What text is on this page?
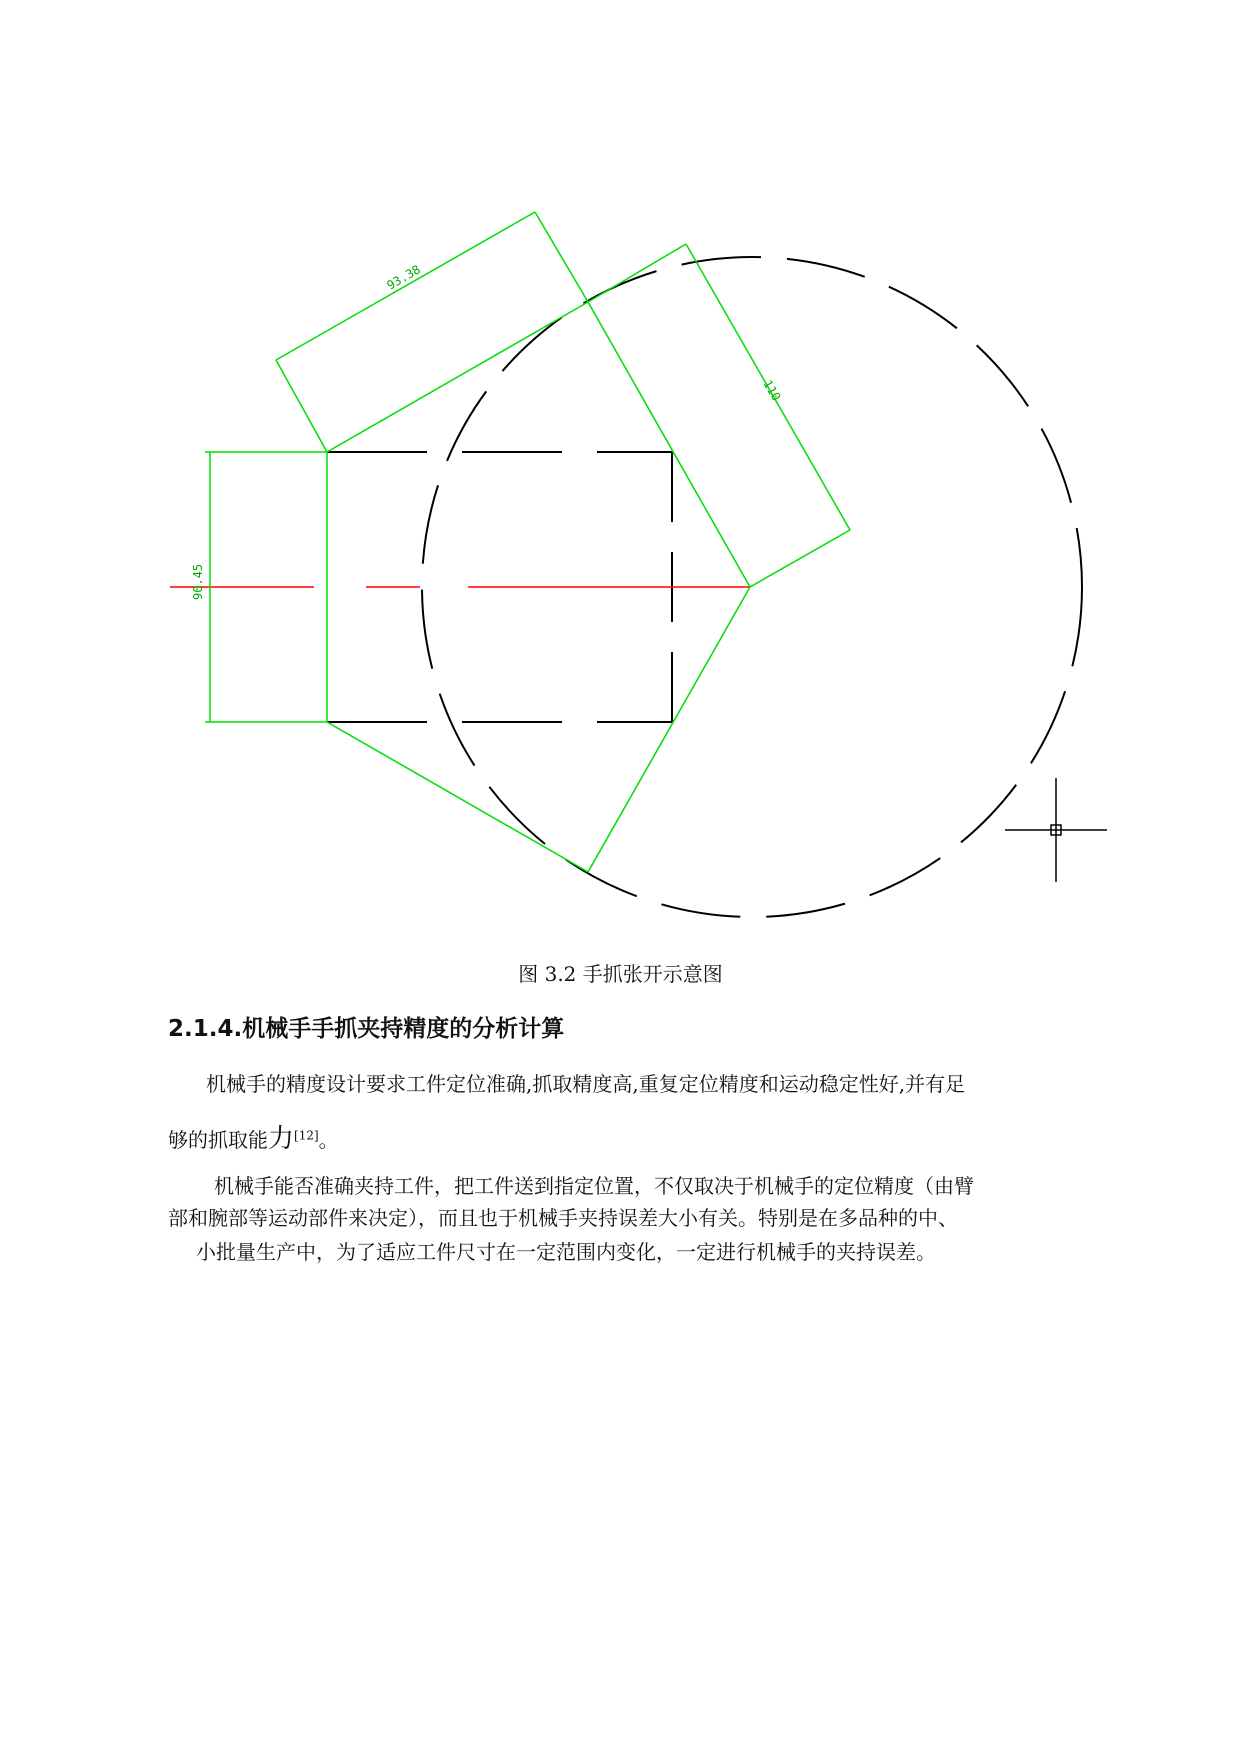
93.38
110
90.45
图 3.2 手抓张开示意图
2.1.4.机械手手抓夹持精度的分析计算
机械手的精度设计要求工件定位准确,抓取精度高,重复定位精度和运动稳定性好,并有足
够的抓取能力[12]。
机械手能否准确夹持工件，把工件送到指定位置，不仅取决于机械手的定位精度（由臂
部和腕部等运动部件来决定），而且也于机械手夹持误差大小有关。特别是在多品种的中、
小批量生产中，为了适应工件尺寸在一定范围内变化，一定进行机械手的夹持误差。
